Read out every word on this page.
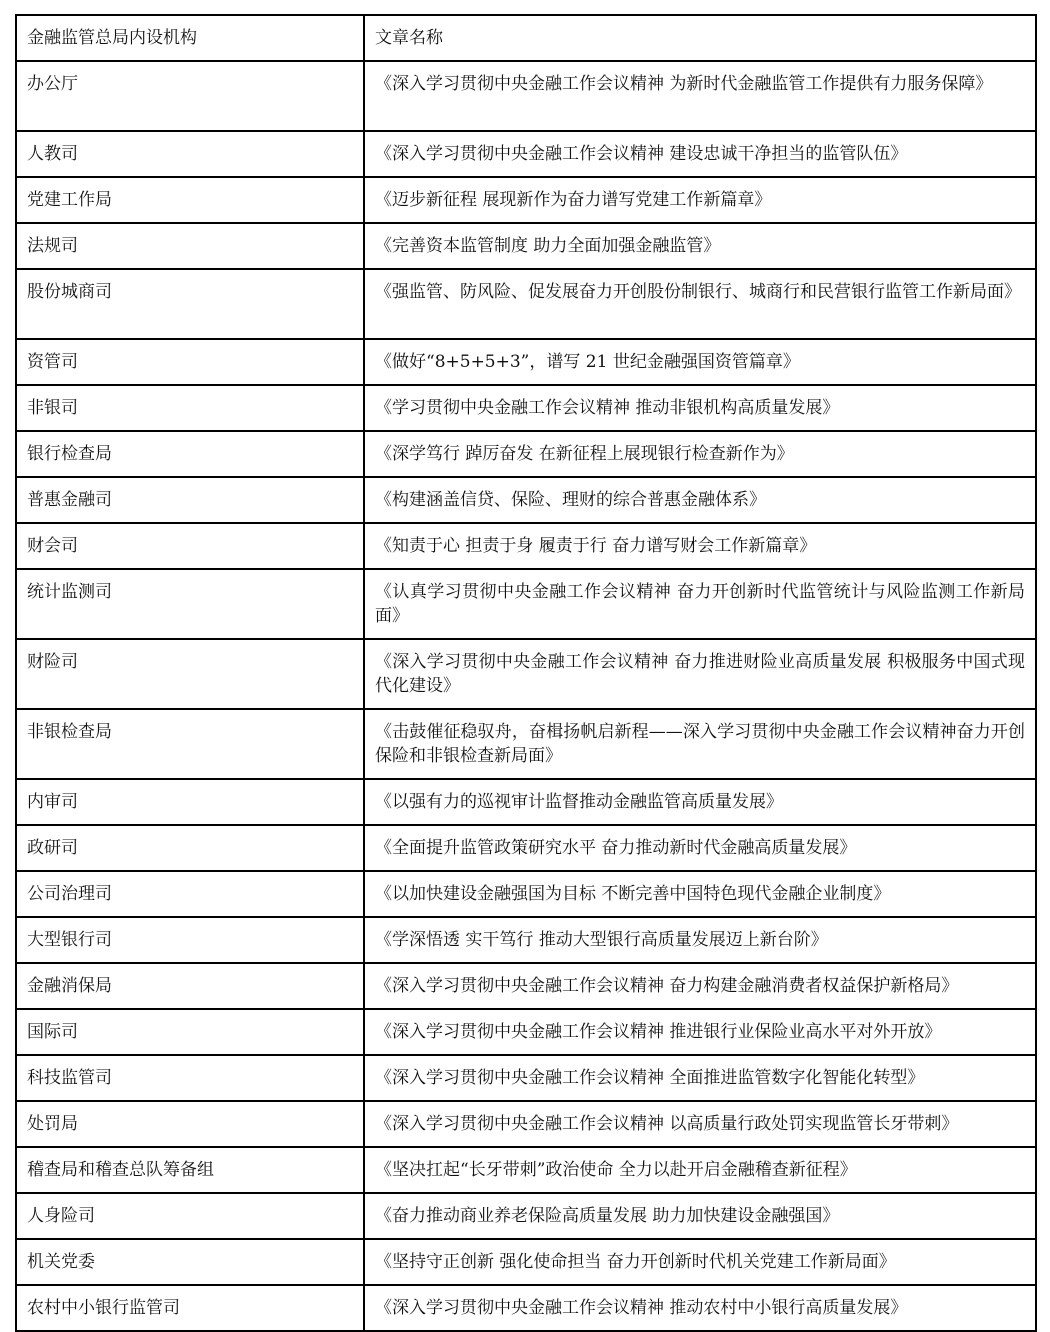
金融监管总局内设机构	文章名称
办公厅	《深入学习贯彻中央金融工作会议精神 为新时代金融监管工作提供有力服务保障》
人教司	《深入学习贯彻中央金融工作会议精神 建设忠诚干净担当的监管队伍》
党建工作局	《迈步新征程 展现新作为奋力谱写党建工作新篇章》
法规司	《完善资本监管制度 助力全面加强金融监管》
股份城商司	《强监管、防风险、促发展奋力开创股份制银行、城商行和民营银行监管工作新局面》
资管司	《做好“8+5+5+3”，谱写 21 世纪金融强国资管篇章》
非银司	《学习贯彻中央金融工作会议精神 推动非银机构高质量发展》
银行检查局	《深学笃行 踔厉奋发 在新征程上展现银行检查新作为》
普惠金融司	《构建涵盖信贷、保险、理财的综合普惠金融体系》
财会司	《知责于心 担责于身 履责于行 奋力谱写财会工作新篇章》
统计监测司	《认真学习贯彻中央金融工作会议精神 奋力开创新时代监管统计与风险监测工作新局面》
财险司	《深入学习贯彻中央金融工作会议精神 奋力推进财险业高质量发展 积极服务中国式现代化建设》
非银检查局	《击鼓催征稳驭舟，奋楫扬帆启新程——深入学习贯彻中央金融工作会议精神奋力开创保险和非银检查新局面》
内审司	《以强有力的巡视审计监督推动金融监管高质量发展》
政研司	《全面提升监管政策研究水平 奋力推动新时代金融高质量发展》
公司治理司	《以加快建设金融强国为目标 不断完善中国特色现代金融企业制度》
大型银行司	《学深悟透 实干笃行 推动大型银行高质量发展迈上新台阶》
金融消保局	《深入学习贯彻中央金融工作会议精神 奋力构建金融消费者权益保护新格局》
国际司	《深入学习贯彻中央金融工作会议精神 推进银行业保险业高水平对外开放》
科技监管司	《深入学习贯彻中央金融工作会议精神 全面推进监管数字化智能化转型》
处罚局	《深入学习贯彻中央金融工作会议精神 以高质量行政处罚实现监管长牙带刺》
稽查局和稽查总队筹备组	《坚决扛起“长牙带刺”政治使命 全力以赴开启金融稽查新征程》
人身险司	《奋力推动商业养老保险高质量发展 助力加快建设金融强国》
机关党委	《坚持守正创新 强化使命担当 奋力开创新时代机关党建工作新局面》
农村中小银行监管司	《深入学习贯彻中央金融工作会议精神 推动农村中小银行高质量发展》
